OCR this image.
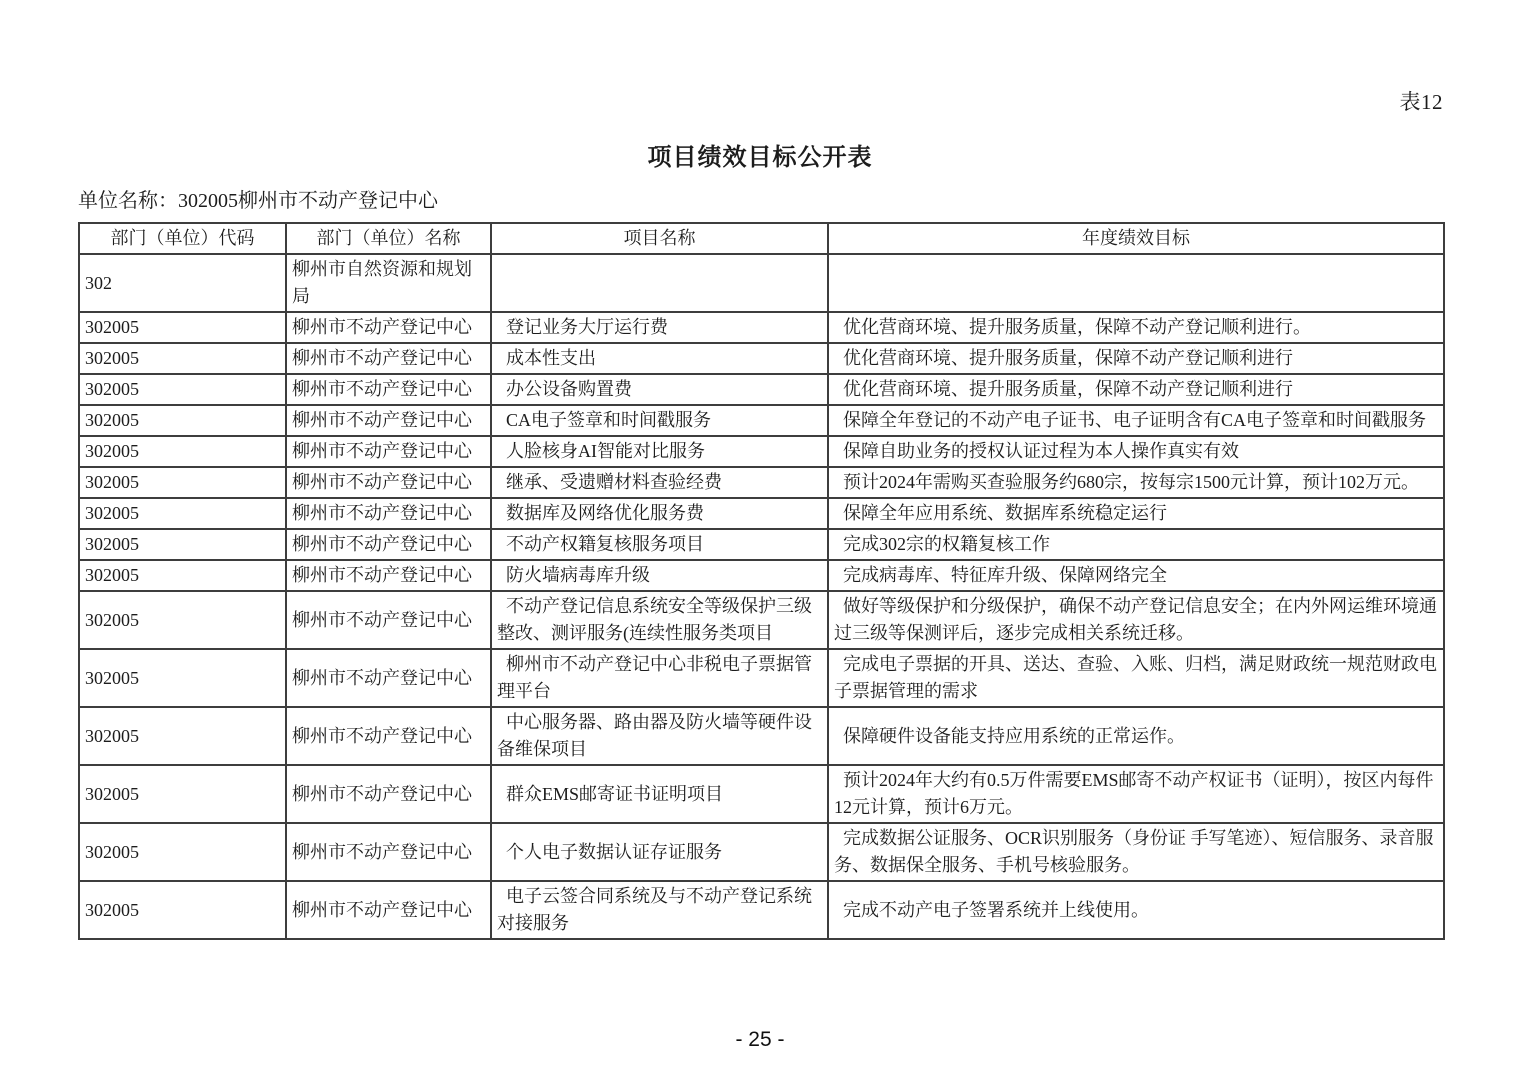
表12
项目绩效目标公开表
单位名称：302005柳州市不动产登记中心
部门（单位）代码	部门（单位）名称	项目名称	年度绩效目标
302	柳州市自然资源和规划局		
302005	柳州市不动产登记中心	登记业务大厅运行费	优化营商环境、提升服务质量，保障不动产登记顺利进行。
302005	柳州市不动产登记中心	成本性支出	优化营商环境、提升服务质量，保障不动产登记顺利进行
302005	柳州市不动产登记中心	办公设备购置费	优化营商环境、提升服务质量，保障不动产登记顺利进行
302005	柳州市不动产登记中心	CA电子签章和时间戳服务	保障全年登记的不动产电子证书、电子证明含有CA电子签章和时间戳服务
302005	柳州市不动产登记中心	人脸核身AI智能对比服务	保障自助业务的授权认证过程为本人操作真实有效
302005	柳州市不动产登记中心	继承、受遗赠材料查验经费	预计2024年需购买查验服务约680宗，按每宗1500元计算，预计102万元。
302005	柳州市不动产登记中心	数据库及网络优化服务费	保障全年应用系统、数据库系统稳定运行
302005	柳州市不动产登记中心	不动产权籍复核服务项目	完成302宗的权籍复核工作
302005	柳州市不动产登记中心	防火墙病毒库升级	完成病毒库、特征库升级、保障网络完全
302005	柳州市不动产登记中心	不动产登记信息系统安全等级保护三级整改、测评服务(连续性服务类项目	做好等级保护和分级保护，确保不动产登记信息安全；在内外网运维环境通过三级等保测评后，逐步完成相关系统迁移。
302005	柳州市不动产登记中心	柳州市不动产登记中心非税电子票据管理平台	完成电子票据的开具、送达、查验、入账、归档，满足财政统一规范财政电子票据管理的需求
302005	柳州市不动产登记中心	中心服务器、路由器及防火墙等硬件设备维保项目	保障硬件设备能支持应用系统的正常运作。
302005	柳州市不动产登记中心	群众EMS邮寄证书证明项目	预计2024年大约有0.5万件需要EMS邮寄不动产权证书（证明），按区内每件12元计算，预计6万元。
302005	柳州市不动产登记中心	个人电子数据认证存证服务	完成数据公证服务、OCR识别服务（身份证 手写笔迹）、短信服务、录音服务、数据保全服务、手机号核验服务。
302005	柳州市不动产登记中心	电子云签合同系统及与不动产登记系统对接服务	完成不动产电子签署系统并上线使用。
- 25 -
